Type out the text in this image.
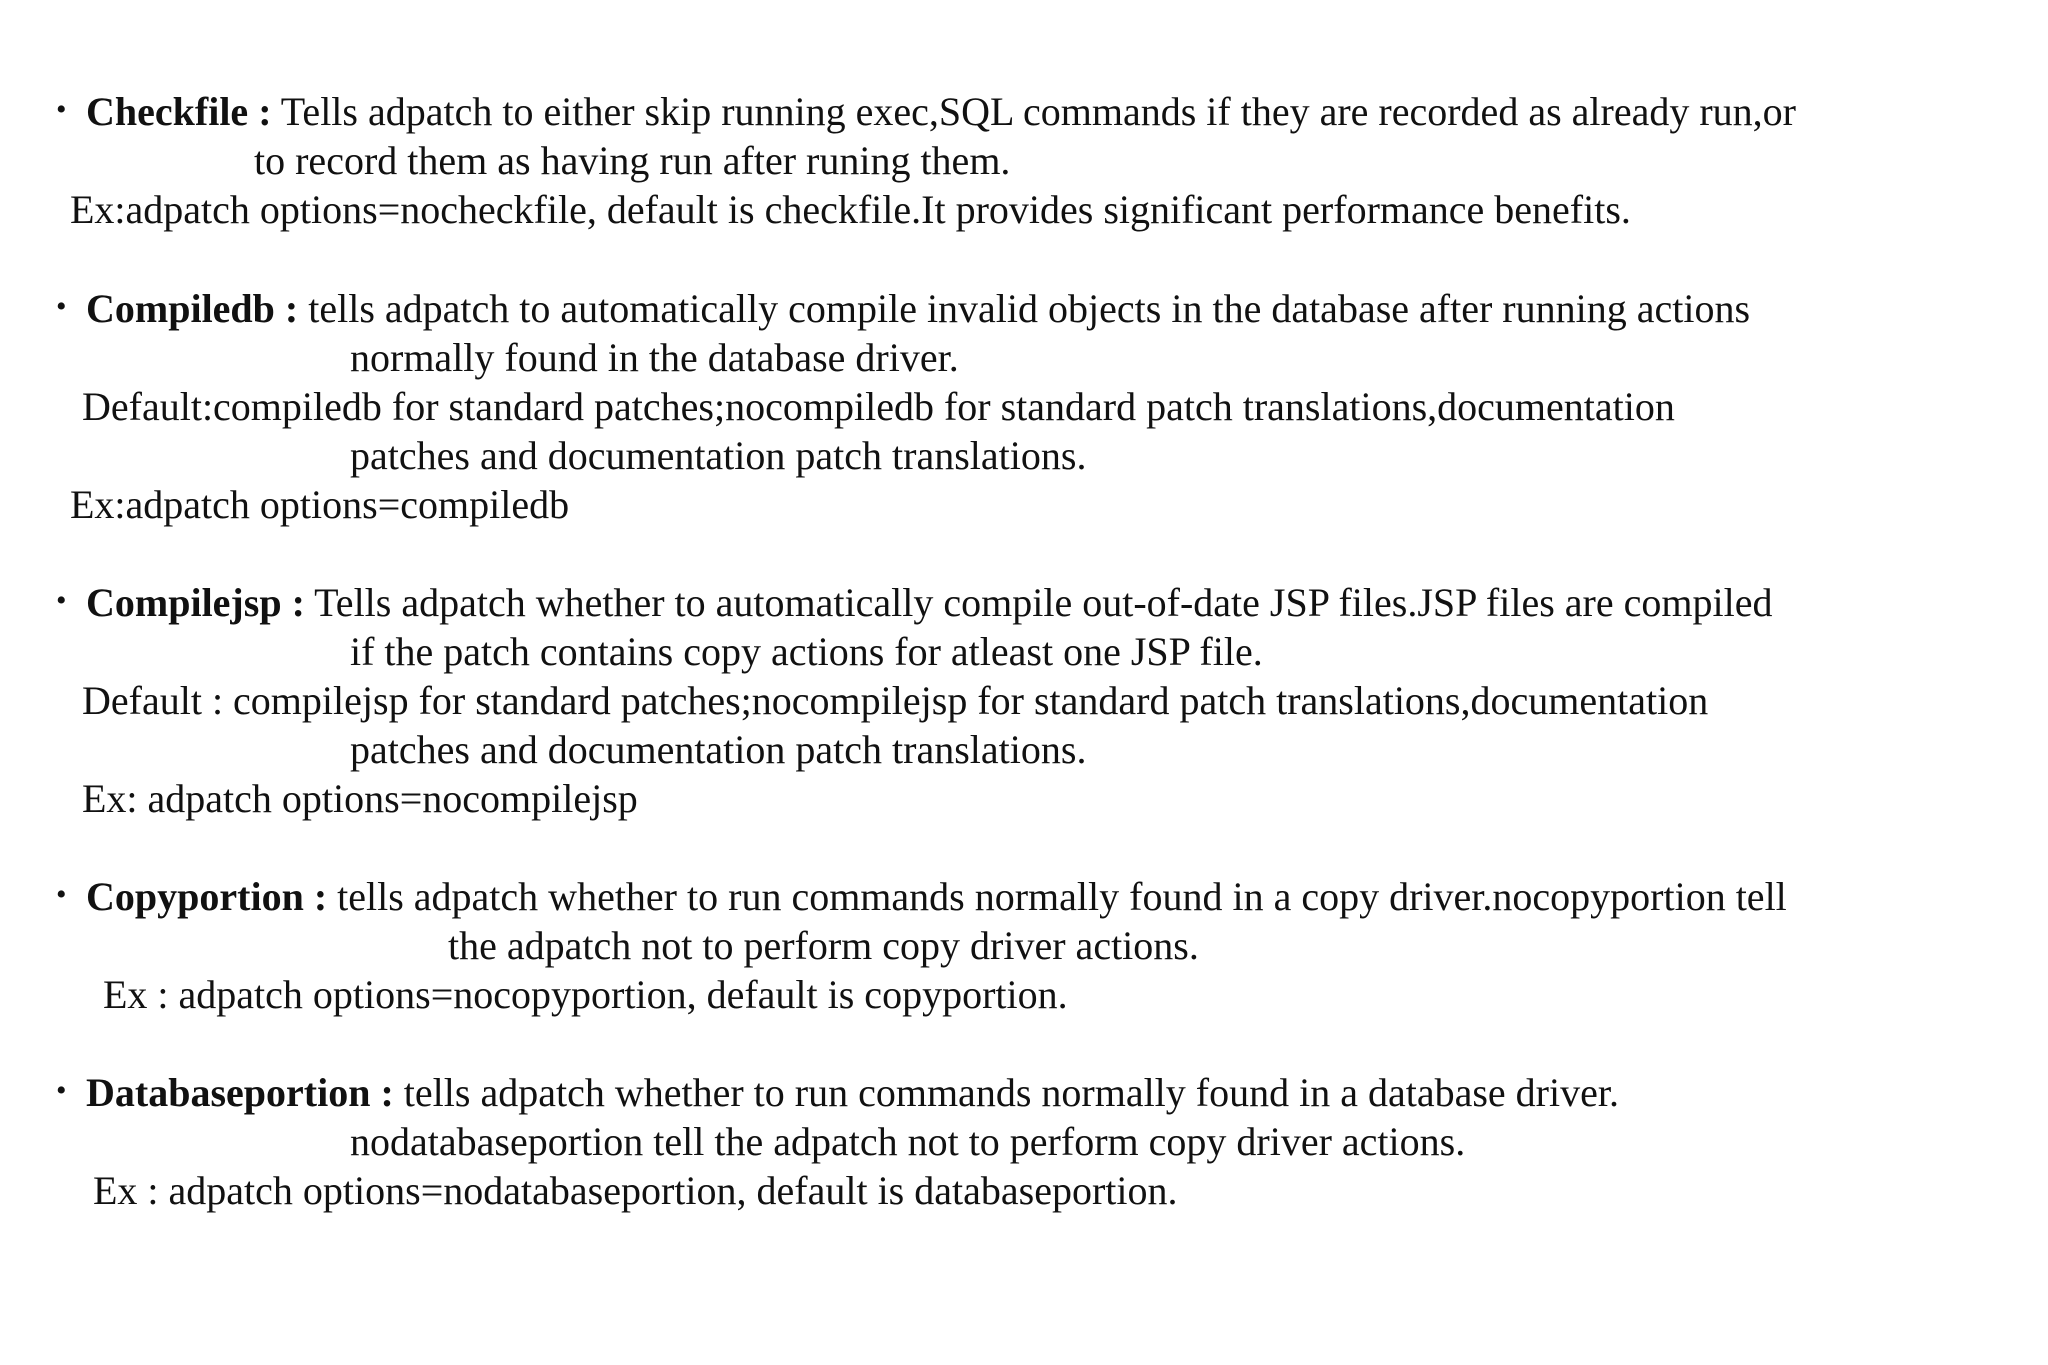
• Checkfile : Tells adpatch to either skip running exec,SQL commands if they are recorded as already run,or
to record them as having run after runing them.
Ex:adpatch options=nocheckfile, default is checkfile.It provides significant performance benefits.
• Compiledb : tells adpatch to automatically compile invalid objects in the database after running actions
normally found in the database driver.
Default:compiledb for standard patches;nocompiledb for standard patch translations,documentation
patches and documentation patch translations.
Ex:adpatch options=compiledb
• Compilejsp : Tells adpatch whether to automatically compile out-of-date JSP files.JSP files are compiled
if the patch contains copy actions for atleast one JSP file.
Default : compilejsp for standard patches;nocompilejsp for standard patch translations,documentation
patches and documentation patch translations.
Ex: adpatch options=nocompilejsp
• Copyportion : tells adpatch whether to run commands normally found in a copy driver.nocopyportion tell
the adpatch not to perform copy driver actions.
Ex : adpatch options=nocopyportion, default is copyportion.
• Databaseportion : tells adpatch whether to run commands normally found in a database driver.
nodatabaseportion tell the adpatch not to perform copy driver actions.
Ex : adpatch options=nodatabaseportion, default is databaseportion.
